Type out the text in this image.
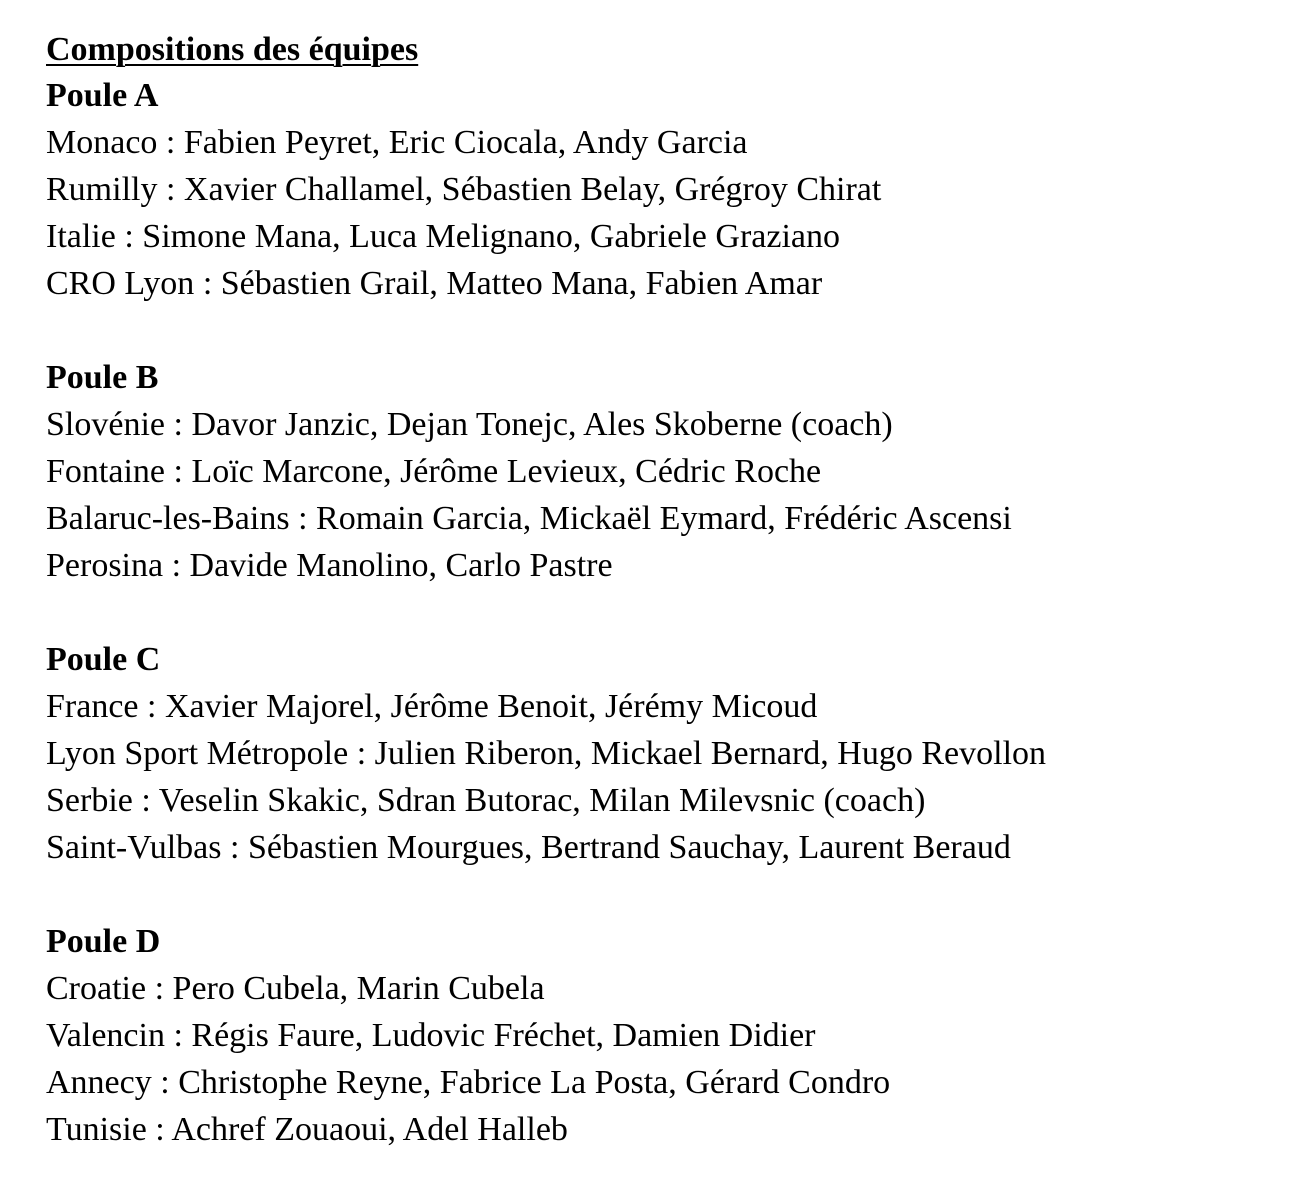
Compositions des équipes
Poule A
Monaco : Fabien Peyret, Eric Ciocala, Andy Garcia
Rumilly : Xavier Challamel, Sébastien Belay, Grégroy Chirat
Italie : Simone Mana, Luca Melignano, Gabriele Graziano
CRO Lyon : Sébastien Grail, Matteo Mana, Fabien Amar
Poule B
Slovénie : Davor Janzic, Dejan Tonejc, Ales Skoberne (coach)
Fontaine : Loïc Marcone, Jérôme Levieux, Cédric Roche
Balaruc-les-Bains : Romain Garcia, Mickaël Eymard, Frédéric Ascensi
Perosina : Davide Manolino, Carlo Pastre
Poule C
France : Xavier Majorel, Jérôme Benoit, Jérémy Micoud
Lyon Sport Métropole : Julien Riberon, Mickael Bernard, Hugo Revollon
Serbie : Veselin Skakic, Sdran Butorac, Milan Milevsnic (coach)
Saint-Vulbas : Sébastien Mourgues, Bertrand Sauchay, Laurent Beraud
Poule D
Croatie : Pero Cubela, Marin Cubela
Valencin : Régis Faure, Ludovic Fréchet, Damien Didier
Annecy : Christophe Reyne, Fabrice La Posta, Gérard Condro
Tunisie : Achref Zouaoui, Adel Halleb
